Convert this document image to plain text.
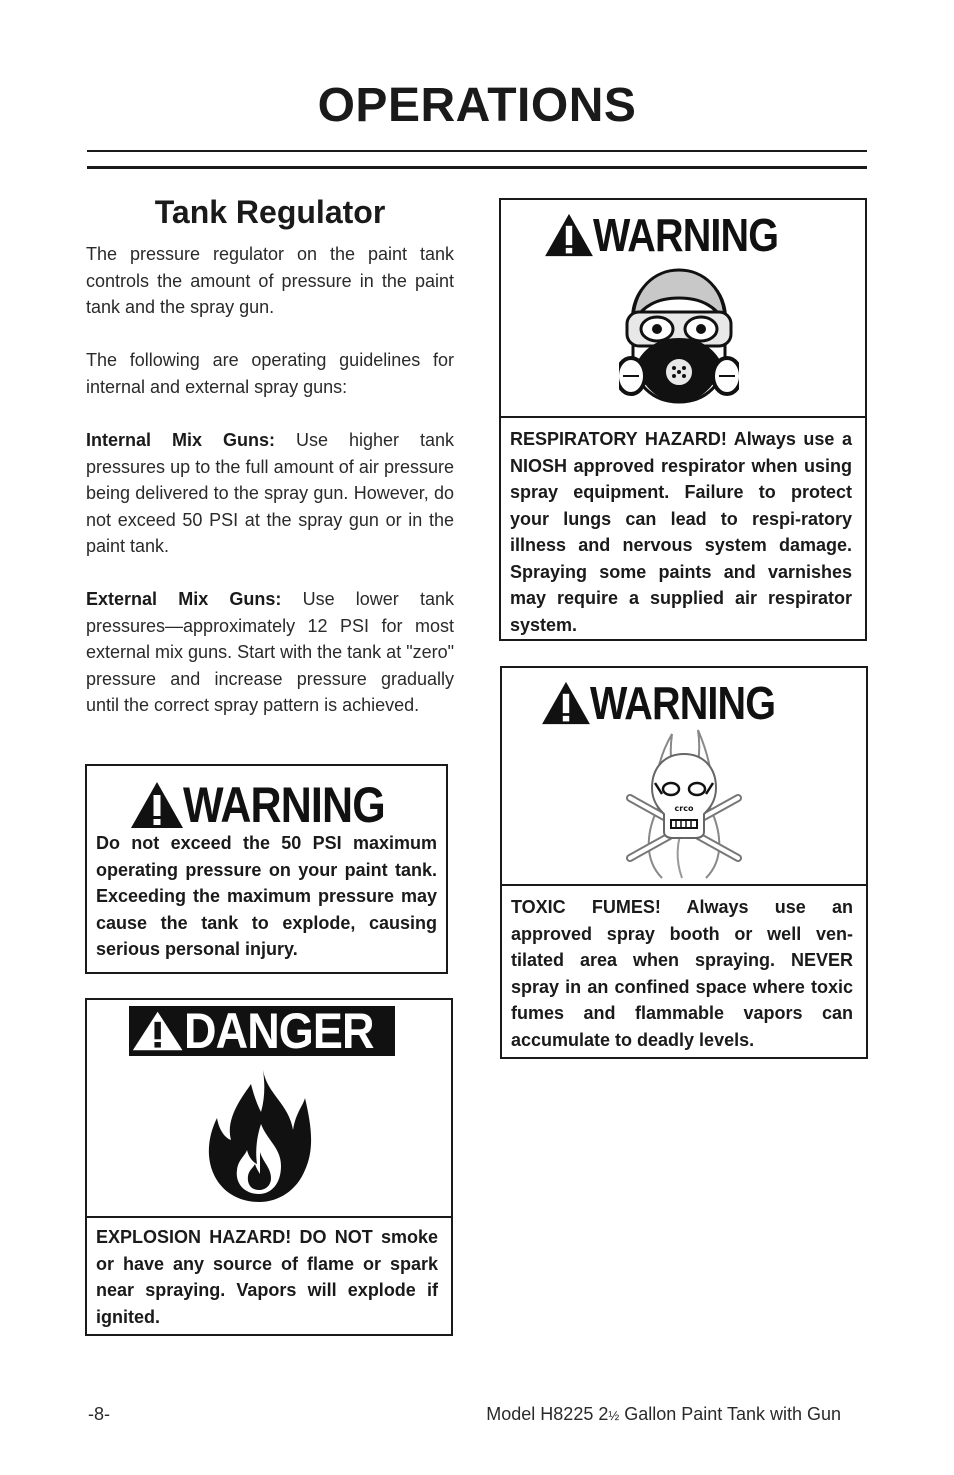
OPERATIONS
Tank Regulator
The pressure regulator on the paint tank controls the amount of pressure in the paint tank and the spray gun.
The following are operating guidelines for internal and external spray guns:
Internal Mix Guns: Use higher tank pressures up to the full amount of air pressure being delivered to the spray gun. However, do not exceed 50 PSI at the spray gun or in the paint tank.
External Mix Guns: Use lower tank pressures—approximately 12 PSI for most external mix guns. Start with the tank at "zero" pressure and increase pressure gradually until the correct spray pattern is achieved.
WARNING
Do not exceed the 50 PSI maximum operating pressure on your paint tank. Exceeding the maximum pressure may cause the tank to explode, causing serious personal injury.
DANGER
EXPLOSION HAZARD! DO NOT smoke or have any source of flame or spark near spraying. Vapors will explode if ignited.
WARNING
RESPIRATORY HAZARD! Always use a NIOSH approved respirator when using spray equipment. Failure to protect your lungs can lead to respi-ratory illness and nervous system damage. Spraying some paints and varnishes may require a supplied air respirator system.
WARNING
crco
TOXIC FUMES! Always use an approved spray booth or well ven-tilated area when spraying. NEVER spray in an confined space where toxic fumes and flammable vapors can accumulate to deadly levels.
-8-	Model H8225 2½ Gallon Paint Tank with Gun
